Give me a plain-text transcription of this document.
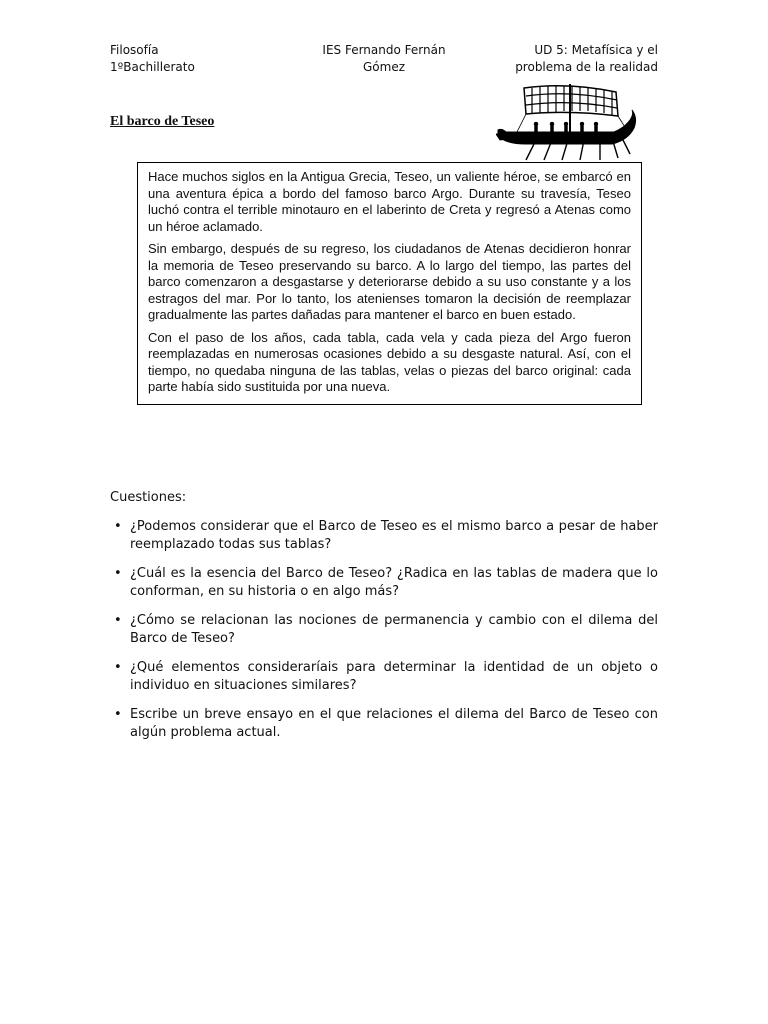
Filosofía
1ºBachillerato
IES Fernando Fernán
Gómez
UD 5: Metafísica y el
problema de la realidad
El barco de Teseo

Hace muchos siglos en la Antigua Grecia, Teseo, un valiente héroe, se embarcó en una aventura épica a bordo del famoso barco Argo. Durante su travesía, Teseo luchó contra el terrible minotauro en el laberinto de Creta y regresó a Atenas como un héroe aclamado.

Sin embargo, después de su regreso, los ciudadanos de Atenas decidieron honrar la memoria de Teseo preservando su barco. A lo largo del tiempo, las partes del barco comenzaron a desgastarse y deteriorarse debido a su uso constante y a los estragos del mar. Por lo tanto, los atenienses tomaron la decisión de reemplazar gradualmente las partes dañadas para mantener el barco en buen estado.

Con el paso de los años, cada tabla, cada vela y cada pieza del Argo fueron reemplazadas en numerosas ocasiones debido a su desgaste natural. Así, con el tiempo, no quedaba ninguna de las tablas, velas o piezas del barco original: cada parte había sido sustituida por una nueva.

Cuestiones:
• ¿Podemos considerar que el Barco de Teseo es el mismo barco a pesar de haber reemplazado todas sus tablas?
• ¿Cuál es la esencia del Barco de Teseo? ¿Radica en las tablas de madera que lo conforman, en su historia o en algo más?
• ¿Cómo se relacionan las nociones de permanencia y cambio con el dilema del Barco de Teseo?
• ¿Qué elementos consideraríais para determinar la identidad de un objeto o individuo en situaciones similares?
• Escribe un breve ensayo en el que relaciones el dilema del Barco de Teseo con algún problema actual.
